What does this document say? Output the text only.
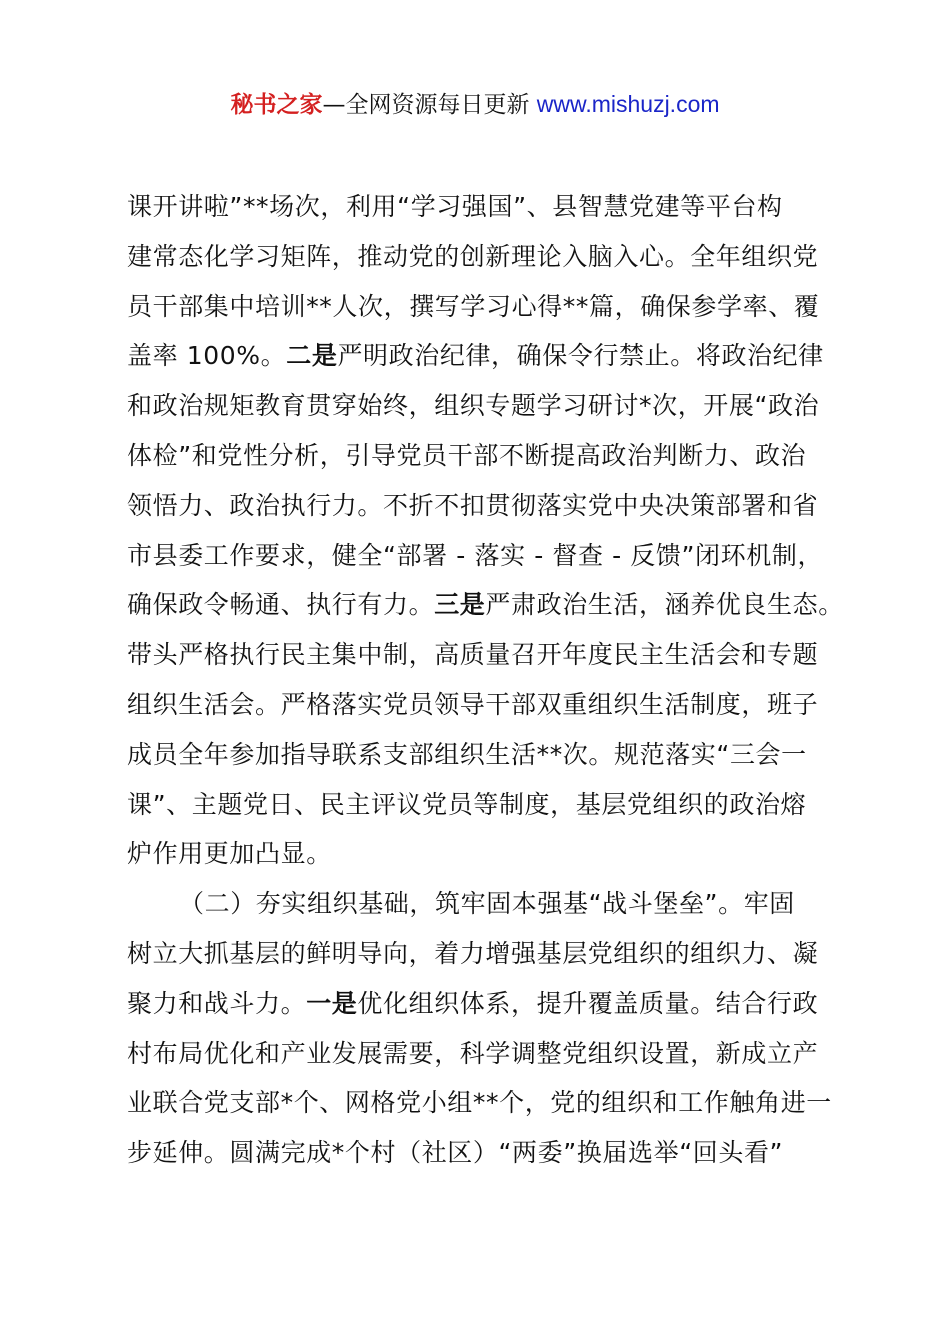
秘书之家—全网资源每日更新 www.mishuzj.com
课开讲啦”**场次，利用“学习强国”、县智慧党建等平台构
建常态化学习矩阵，推动党的创新理论入脑入心。全年组织党
员干部集中培训**人次，撰写学习心得**篇，确保参学率、覆
盖率 100%。二是严明政治纪律，确保令行禁止。将政治纪律
和政治规矩教育贯穿始终，组织专题学习研讨*次，开展“政治
体检”和党性分析，引导党员干部不断提高政治判断力、政治
领悟力、政治执行力。不折不扣贯彻落实党中央决策部署和省
市县委工作要求，健全“部署 - 落实 - 督查 - 反馈”闭环机制，
确保政令畅通、执行有力。三是严肃政治生活，涵养优良生态。
带头严格执行民主集中制，高质量召开年度民主生活会和专题
组织生活会。严格落实党员领导干部双重组织生活制度，班子
成员全年参加指导联系支部组织生活**次。规范落实“三会一
课”、主题党日、民主评议党员等制度，基层党组织的政治熔
炉作用更加凸显。
（二）夯实组织基础，筑牢固本强基“战斗堡垒”。牢固
树立大抓基层的鲜明导向，着力增强基层党组织的组织力、凝
聚力和战斗力。一是优化组织体系，提升覆盖质量。结合行政
村布局优化和产业发展需要，科学调整党组织设置，新成立产
业联合党支部*个、网格党小组**个，党的组织和工作触角进一
步延伸。圆满完成*个村（社区）“两委”换届选举“回头看”
